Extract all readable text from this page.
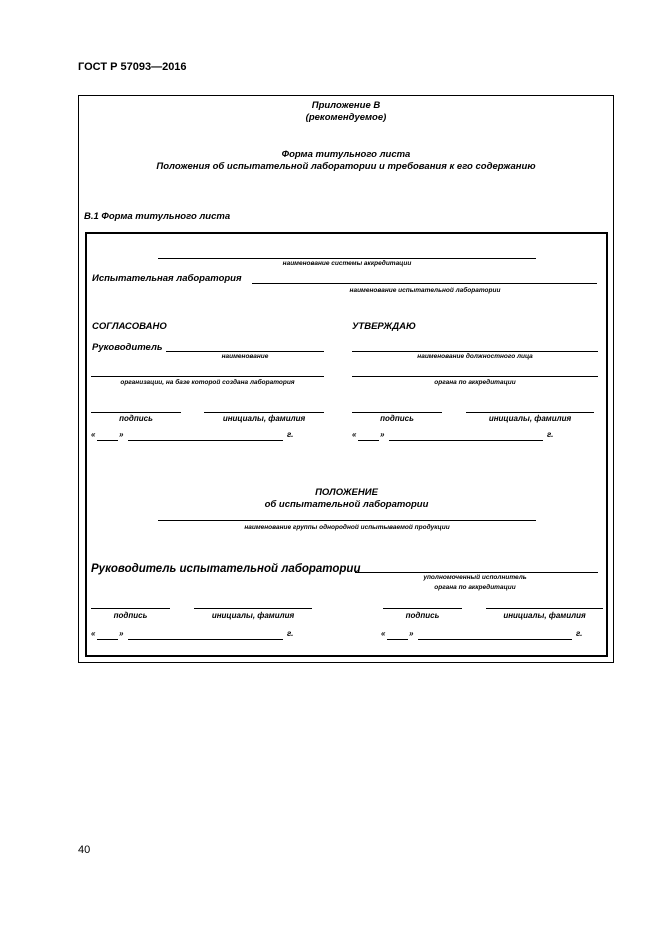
ГОСТ Р 57093—2016
Приложение В
(рекомендуемое)
Форма титульного листа
Положения об испытательной лаборатории и требования к его содержанию
В.1 Форма титульного листа
наименование системы аккредитации
Испытательная лаборатория
наименование испытательной лаборатории
СОГЛАСОВАНО	УТВЕРЖДАЮ
Руководитель
наименование
организации, на базе которой создана лаборатория
наименование должностного лица
органа по аккредитации
подпись	инициалы, фамилия	подпись	инициалы, фамилия
«	»	г.	«	»	г.
ПОЛОЖЕНИЕ
об испытательной лаборатории
наименование группы однородной испытываемой продукции
Руководитель испытательной лаборатории
уполномоченный исполнитель
органа по аккредитации
подпись	инициалы, фамилия	подпись	инициалы, фамилия
«	»	г.	«	»	г.
40
